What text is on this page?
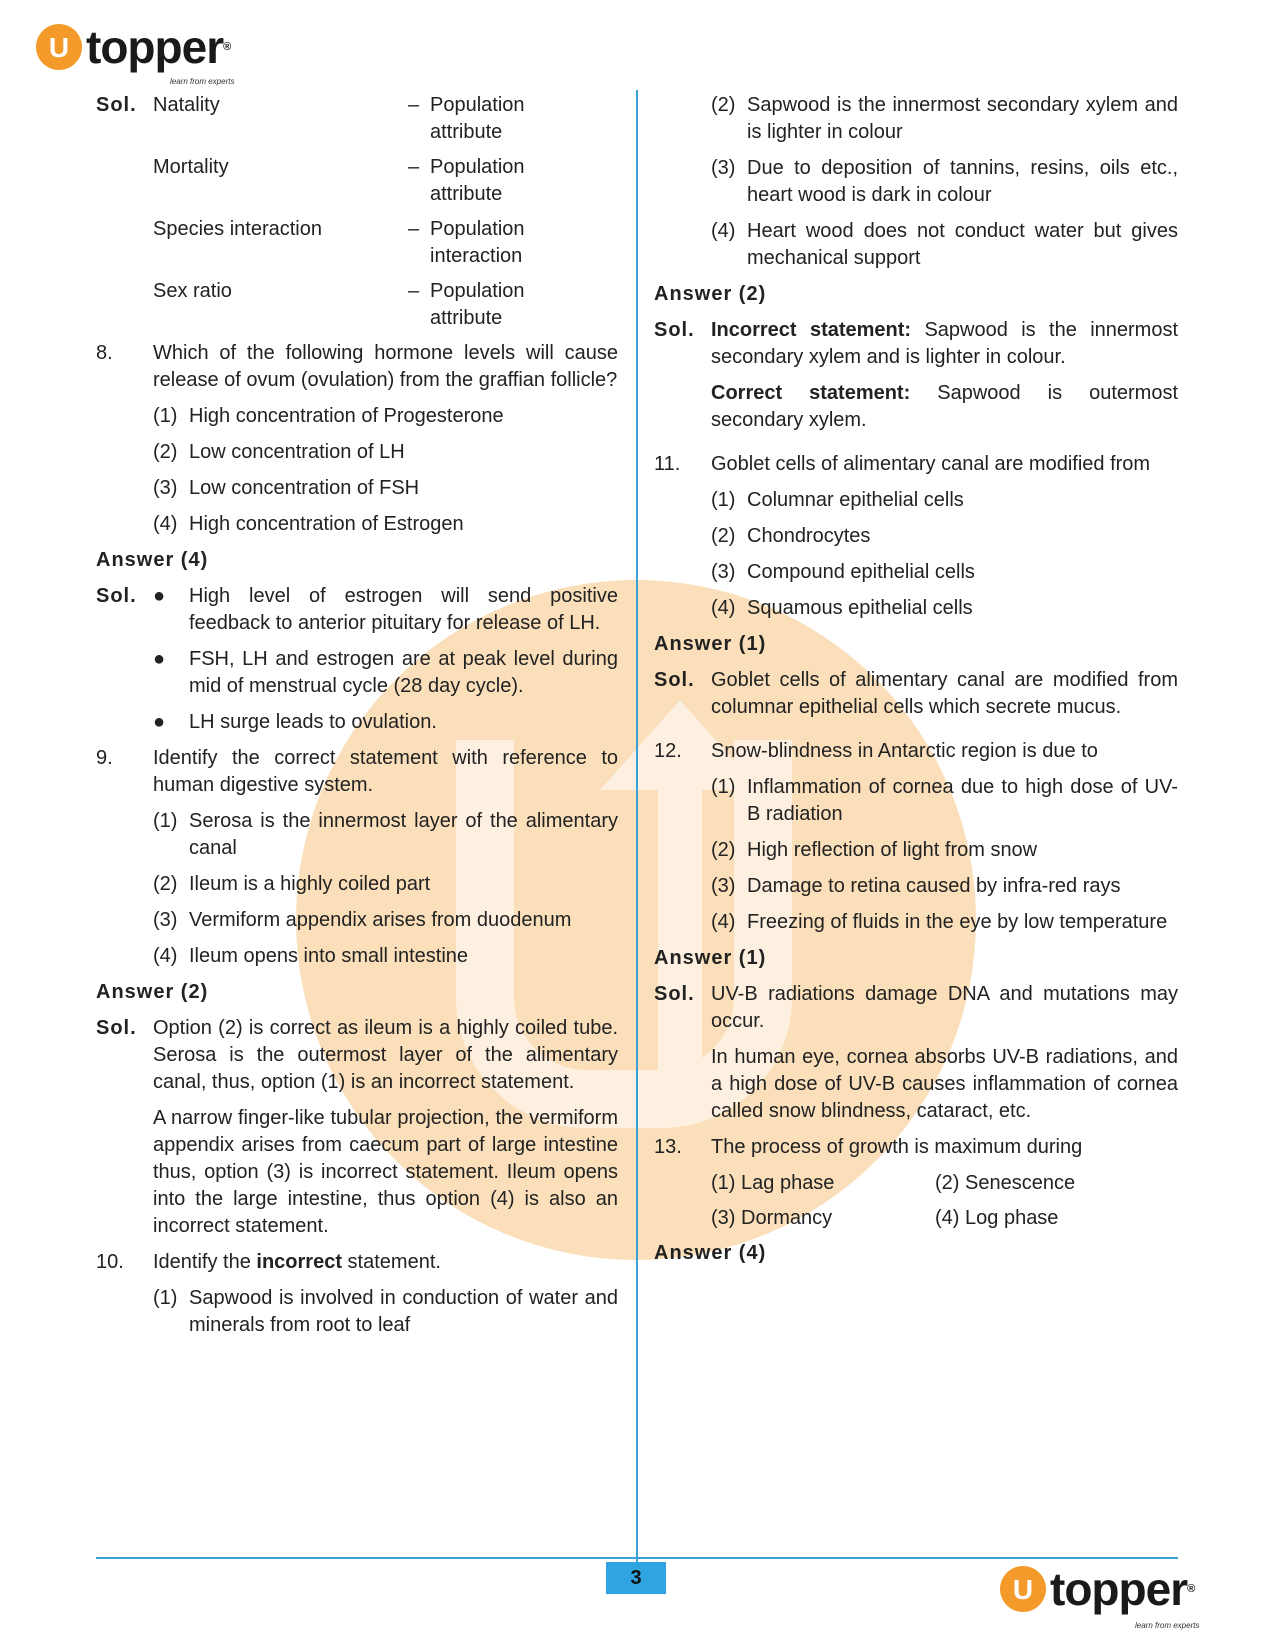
U topper®
learn from experts
Sol. Natality	– Population attribute
Mortality	– Population attribute
Species interaction	– Population interaction
Sex ratio	– Population attribute
8. Which of the following hormone levels will cause release of ovum (ovulation) from the graffian follicle?
(1) High concentration of Progesterone
(2) Low concentration of LH
(3) Low concentration of FSH
(4) High concentration of Estrogen
Answer (4)
Sol. ● High level of estrogen will send positive feedback to anterior pituitary for release of LH.
● FSH, LH and estrogen are at peak level during mid of menstrual cycle (28 day cycle).
● LH surge leads to ovulation.
9. Identify the correct statement with reference to human digestive system.
(1) Serosa is the innermost layer of the alimentary canal
(2) Ileum is a highly coiled part
(3) Vermiform appendix arises from duodenum
(4) Ileum opens into small intestine
Answer (2)
Sol. Option (2) is correct as ileum is a highly coiled tube. Serosa is the outermost layer of the alimentary canal, thus, option (1) is an incorrect statement.
A narrow finger-like tubular projection, the vermiform appendix arises from caecum part of large intestine thus, option (3) is incorrect statement. Ileum opens into the large intestine, thus option (4) is also an incorrect statement.
10. Identify the incorrect statement.
(1) Sapwood is involved in conduction of water and minerals from root to leaf
(2) Sapwood is the innermost secondary xylem and is lighter in colour
(3) Due to deposition of tannins, resins, oils etc., heart wood is dark in colour
(4) Heart wood does not conduct water but gives mechanical support
Answer (2)
Sol. Incorrect statement: Sapwood is the innermost secondary xylem and is lighter in colour.
Correct statement: Sapwood is outermost secondary xylem.
11. Goblet cells of alimentary canal are modified from
(1) Columnar epithelial cells
(2) Chondrocytes
(3) Compound epithelial cells
(4) Squamous epithelial cells
Answer (1)
Sol. Goblet cells of alimentary canal are modified from columnar epithelial cells which secrete mucus.
12. Snow-blindness in Antarctic region is due to
(1) Inflammation of cornea due to high dose of UV-B radiation
(2) High reflection of light from snow
(3) Damage to retina caused by infra-red rays
(4) Freezing of fluids in the eye by low temperature
Answer (1)
Sol. UV-B radiations damage DNA and mutations may occur.
In human eye, cornea absorbs UV-B radiations, and a high dose of UV-B causes inflammation of cornea called snow blindness, cataract, etc.
13. The process of growth is maximum during
(1) Lag phase	(2) Senescence
(3) Dormancy	(4) Log phase
Answer (4)
3	U topper®
learn from experts
